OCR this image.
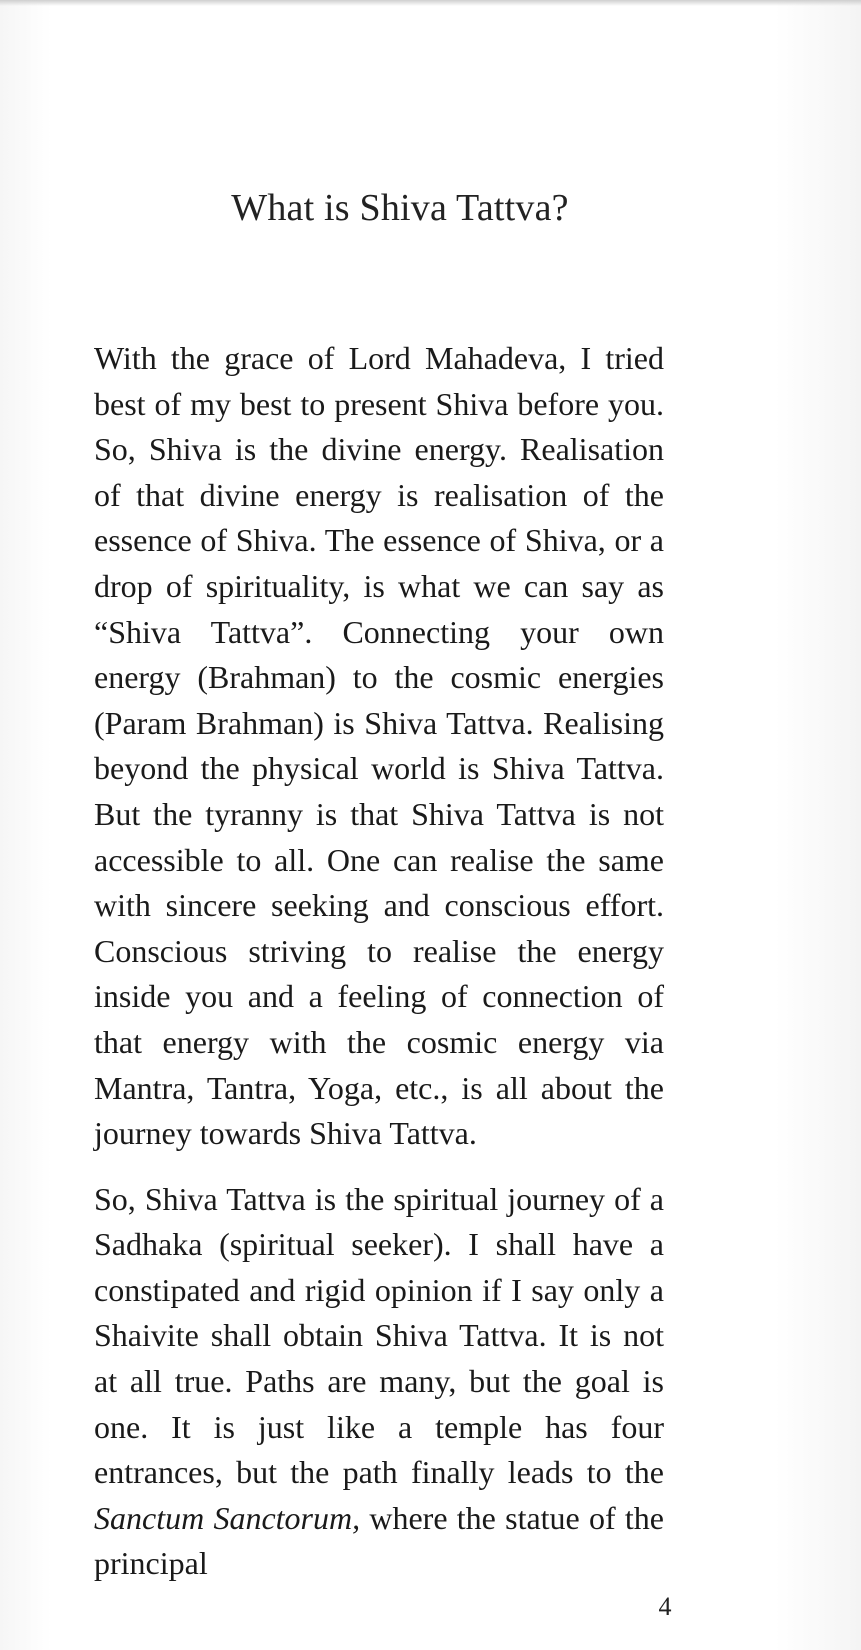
What is Shiva Tattva?

With the grace of Lord Mahadeva, I tried best of my best to present Shiva before you. So, Shiva is the divine energy. Realisation of that divine energy is realisation of the essence of Shiva. The essence of Shiva, or a drop of spirituality, is what we can say as “Shiva Tattva”. Connecting your own energy (Brahman) to the cosmic energies (Param Brahman) is Shiva Tattva. Realising beyond the physical world is Shiva Tattva. But the tyranny is that Shiva Tattva is not accessible to all. One can realise the same with sincere seeking and conscious effort. Conscious striving to realise the energy inside you and a feeling of connection of that energy with the cosmic energy via Mantra, Tantra, Yoga, etc., is all about the journey towards Shiva Tattva.

So, Shiva Tattva is the spiritual journey of a Sadhaka (spiritual seeker). I shall have a constipated and rigid opinion if I say only a Shaivite shall obtain Shiva Tattva. It is not at all true. Paths are many, but the goal is one. It is just like a temple has four entrances, but the path finally leads to the Sanctum Sanctorum, where the statue of the principal

4
